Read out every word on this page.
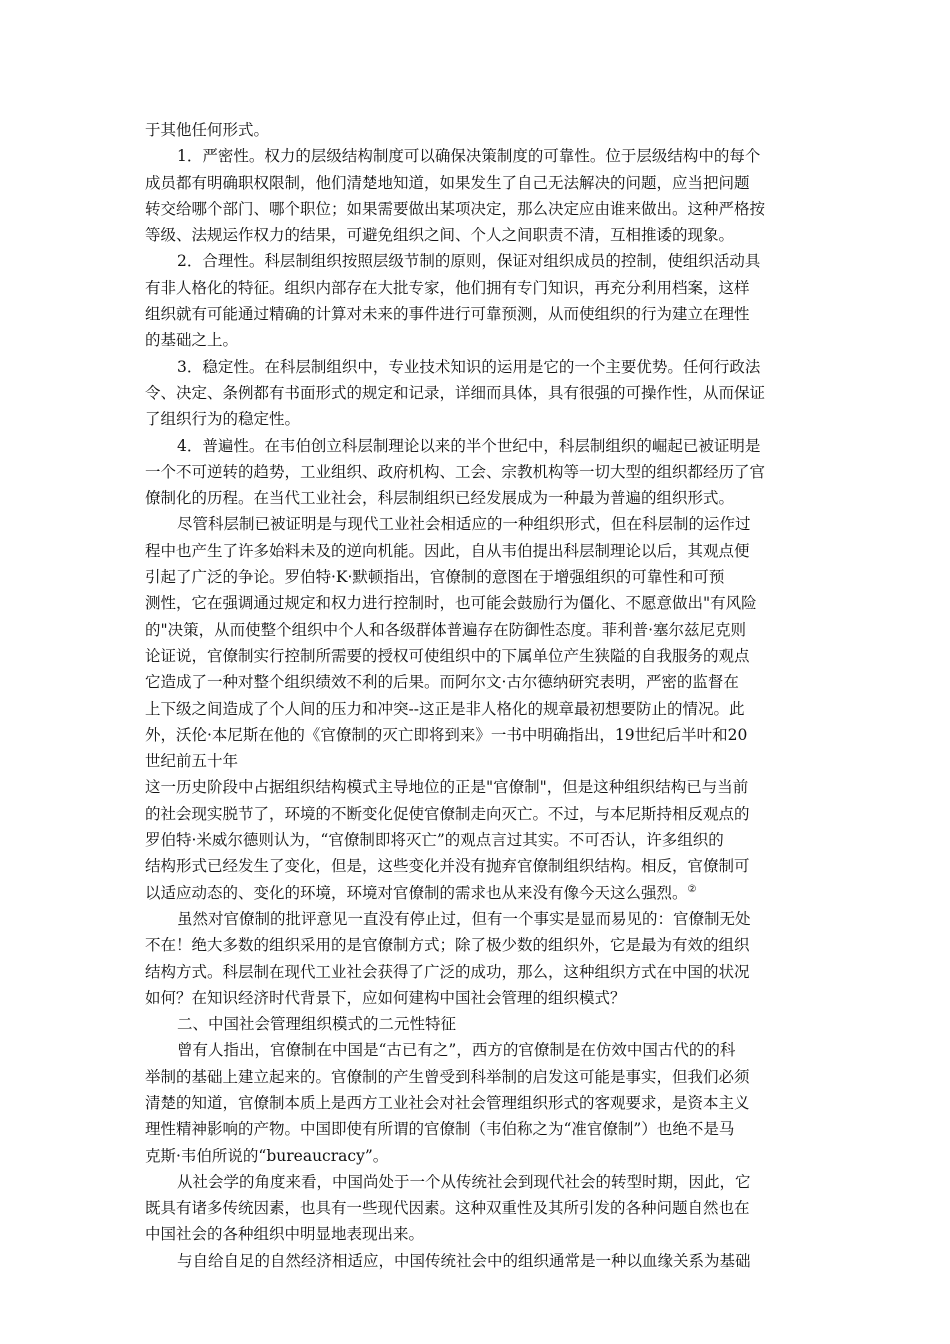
于其他任何形式。
1．严密性。权力的层级结构制度可以确保决策制度的可靠性。位于层级结构中的每个
成员都有明确职权限制，他们清楚地知道，如果发生了自己无法解决的问题，应当把问题
转交给哪个部门、哪个职位；如果需要做出某项决定，那么决定应由谁来做出。这种严格按
等级、法规运作权力的结果，可避免组织之间、个人之间职责不清，互相推诿的现象。
2．合理性。科层制组织按照层级节制的原则，保证对组织成员的控制，使组织活动具
有非人格化的特征。组织内部存在大批专家，他们拥有专门知识，再充分利用档案，这样
组织就有可能通过精确的计算对未来的事件进行可靠预测，从而使组织的行为建立在理性
的基础之上。
3．稳定性。在科层制组织中，专业技术知识的运用是它的一个主要优势。任何行政法
令、决定、条例都有书面形式的规定和记录，详细而具体，具有很强的可操作性，从而保证
了组织行为的稳定性。
4．普遍性。在韦伯创立科层制理论以来的半个世纪中，科层制组织的崛起已被证明是
一个不可逆转的趋势，工业组织、政府机构、工会、宗教机构等一切大型的组织都经历了官
僚制化的历程。在当代工业社会，科层制组织已经发展成为一种最为普遍的组织形式。
尽管科层制已被证明是与现代工业社会相适应的一种组织形式，但在科层制的运作过
程中也产生了许多始料未及的逆向机能。因此，自从韦伯提出科层制理论以后，其观点便
引起了广泛的争论。罗伯特·K·默顿指出，官僚制的意图在于增强组织的可靠性和可预
测性，它在强调通过规定和权力进行控制时，也可能会鼓励行为僵化、不愿意做出"有风险
的"决策，从而使整个组织中个人和各级群体普遍存在防御性态度。菲利普·塞尔兹尼克则
论证说，官僚制实行控制所需要的授权可使组织中的下属单位产生狭隘的自我服务的观点
它造成了一种对整个组织绩效不利的后果。而阿尔文·古尔德纳研究表明，严密的监督在
上下级之间造成了个人间的压力和冲突--这正是非人格化的规章最初想要防止的情况。此
外，沃伦·本尼斯在他的《官僚制的灭亡即将到来》一书中明确指出，19世纪后半叶和20
世纪前五十年
这一历史阶段中占据组织结构模式主导地位的正是"官僚制"，但是这种组织结构已与当前
的社会现实脱节了，环境的不断变化促使官僚制走向灭亡。不过，与本尼斯持相反观点的
罗伯特·米威尔德则认为，“官僚制即将灭亡”的观点言过其实。不可否认，许多组织的
结构形式已经发生了变化，但是，这些变化并没有抛弃官僚制组织结构。相反，官僚制可
以适应动态的、变化的环境，环境对官僚制的需求也从来没有像今天这么强烈。②
虽然对官僚制的批评意见一直没有停止过，但有一个事实是显而易见的：官僚制无处
不在！绝大多数的组织采用的是官僚制方式；除了极少数的组织外，它是最为有效的组织
结构方式。科层制在现代工业社会获得了广泛的成功，那么，这种组织方式在中国的状况
如何？在知识经济时代背景下，应如何建构中国社会管理的组织模式？
二、中国社会管理组织模式的二元性特征
曾有人指出，官僚制在中国是“古已有之”，西方的官僚制是在仿效中国古代的的科
举制的基础上建立起来的。官僚制的产生曾受到科举制的启发这可能是事实，但我们必须
清楚的知道，官僚制本质上是西方工业社会对社会管理组织形式的客观要求，是资本主义
理性精神影响的产物。中国即使有所谓的官僚制（韦伯称之为“准官僚制”）也绝不是马
克斯·韦伯所说的“bureaucracy”。
从社会学的角度来看，中国尚处于一个从传统社会到现代社会的转型时期，因此，它
既具有诸多传统因素，也具有一些现代因素。这种双重性及其所引发的各种问题自然也在
中国社会的各种组织中明显地表现出来。
与自给自足的自然经济相适应，中国传统社会中的组织通常是一种以血缘关系为基础
